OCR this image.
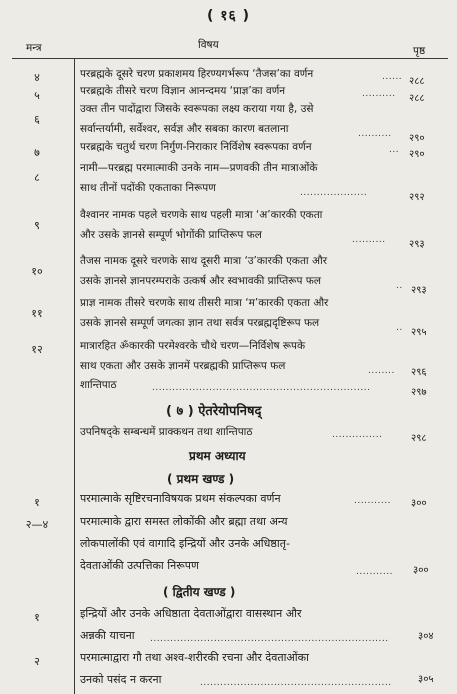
( १६ )
मन्त्र	विषय	पृष्ठ
४	परब्रह्मके दूसरे चरण प्रकाशमय हिरण्यगर्भरूप ‘तैजस’का वर्णन	...... २८८
५	परब्रह्मके तीसरे चरण विज्ञान आनन्दमय ‘प्राज्ञ’का वर्णन	.......... २८८
६
उक्त तीन पादोंद्वारा जिसके स्वरूपका लक्ष्य कराया गया है, उसे
सर्वान्तर्यामी, सर्वेश्वर, सर्वज्ञ और सबका कारण बतलाना	.......... २९०
७	परब्रह्मके चतुर्थ चरण निर्गुण-निराकार निर्विशेष स्वरूपका वर्णन	... २९०
८
नामी—परब्रह्म परमात्माकी उनके नाम—प्रणवकी तीन मात्राओंके
साथ तीनों पदोंकी एकताका निरूपण	....................	२९२
९
वैश्वानर नामक पहले चरणके साथ पहली मात्रा ‘अ’कारकी एकता
और उसके ज्ञानसे सम्पूर्ण भोगोंकी प्राप्तिरूप फल	.......... २९३
१०
तैजस नामक दूसरे चरणके साथ दूसरी मात्रा ‘उ’कारकी एकता और
उसके ज्ञानसे ज्ञानपरम्पराके उत्कर्ष और स्वभावकी प्राप्तिरूप फल	.. २९३
११
प्राज्ञ नामक तीसरे चरणके साथ तीसरी मात्रा ‘म’कारकी एकता और
उसके ज्ञानसे सम्पूर्ण जगत्का ज्ञान तथा सर्वत्र परब्रह्मदृष्टिरूप फल	.. २९५
१२	मात्रारहित ॐकारकी परमेश्वरके चौथे चरण—निर्विशेष रूपके
साथ एकता और उसके ज्ञानमें परब्रह्मकी प्राप्तिरूप फल	........ २९६
शान्तिपाठ	.................................................................	२९७
( ७ ) ऐतरेयोपनिषद्
उपनिषद्के सम्बन्धमें प्राक्कथन तथा शान्तिपाठ	...............	२९८
प्रथम अध्याय
( प्रथम खण्ड )
१	परमात्माके सृष्टिरचनाविषयक प्रथम संकल्पका वर्णन	........... ३००
२—४	परमात्माके द्वारा समस्त लोकोंकी और ब्रह्मा तथा अन्य
लोकपालोंकी एवं वागादि इन्द्रियों और उनके अधिष्ठातृ-
देवताओंकी उत्पत्तिका निरूपण	........... ३००
( द्वितीय खण्ड )
१	इन्द्रियों और उनके अधिष्ठाता देवताओंद्वारा वासस्थान और
अन्नकी याचना .......................................................................	३०४
२	परमात्माद्वारा गौ तथा अश्व-शरीरकी रचना और देवताओंका
उनको पसंद न करना	.........................................................	३०५
